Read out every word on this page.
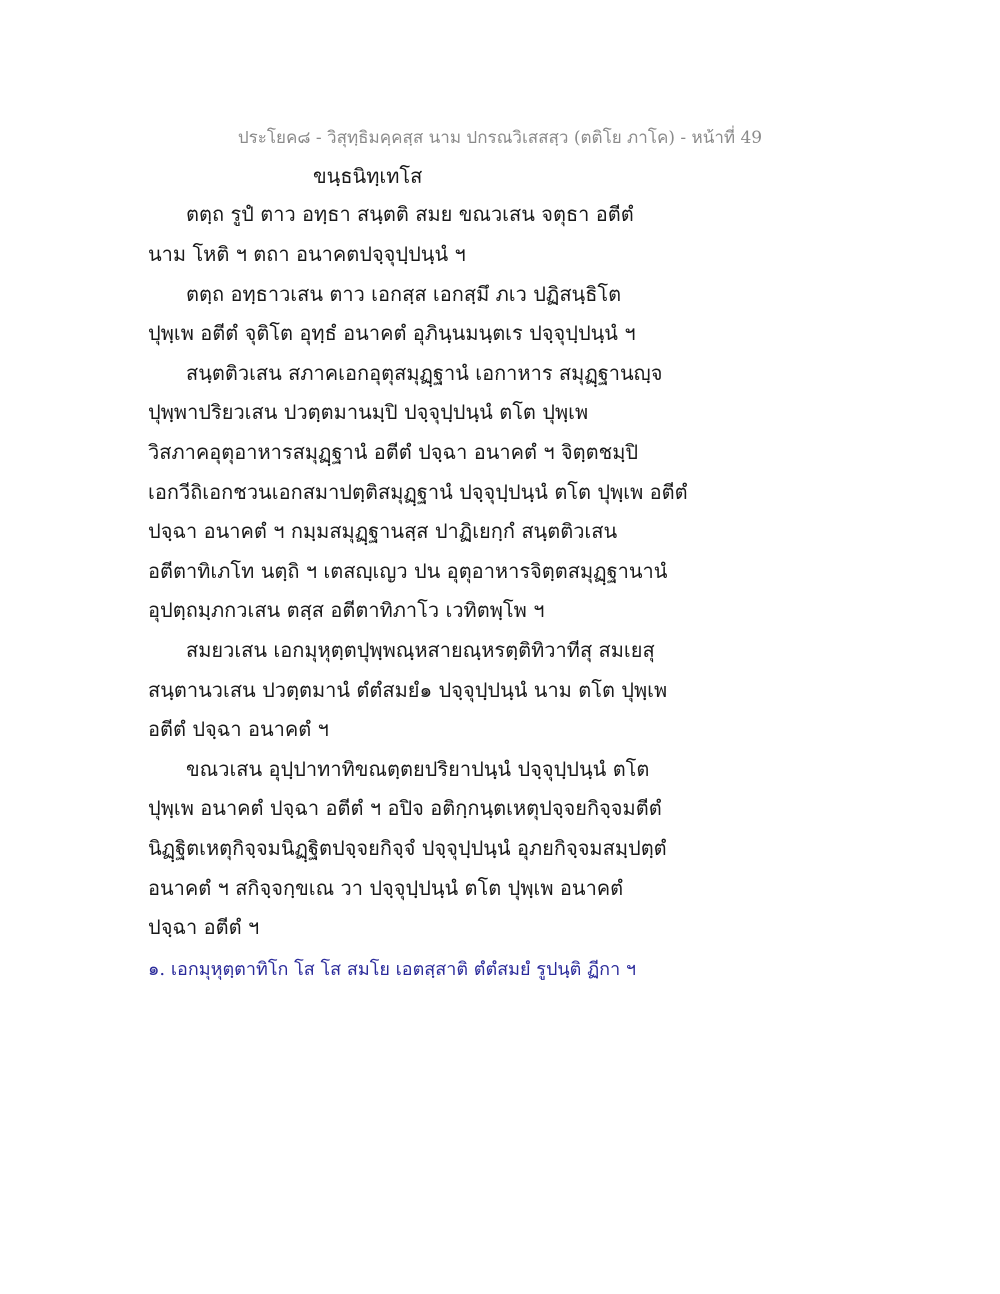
ประโยค๘ - วิสุทฺธิมคฺคสฺส นาม ปกรณวิเสสสฺว (ตติโย ภาโค) - หน้าที่ 49
ขนฺธนิทฺเทโส
ตตฺถ รูปํ ตาว อทฺธา สนฺตติ สมย ขณวเสน จตุธา อตีตํ
นาม โหติ ฯ ตถา อนาคตปจฺจุปฺปนฺนํ ฯ
ตตฺถ อทฺธาวเสน ตาว เอกสฺส เอกสฺมึ ภเว ปฏิสนฺธิโต
ปุพฺเพ อตีตํ จุติโต อุทฺธํ อนาคตํ อุภินฺนมนฺตเร ปจฺจุปฺปนฺนํ ฯ
สนฺตติวเสน สภาคเอกอุตุสมุฏฺฐานํ เอกาหาร สมุฏฺฐานญฺจ
ปุพฺพาปริยวเสน ปวตฺตมานมฺปิ ปจฺจุปฺปนฺนํ ตโต ปุพฺเพ
วิสภาคอุตุอาหารสมุฏฺฐานํ อตีตํ ปจฺฉา อนาคตํ ฯ จิตฺตชมฺปิ
เอกวีถิเอกชวนเอกสมาปตฺติสมุฏฺฐานํ ปจฺจุปฺปนฺนํ ตโต ปุพฺเพ อตีตํ
ปจฺฉา อนาคตํ ฯ กมฺมสมุฏฺฐานสฺส ปาฏิเยกฺกํ สนฺตติวเสน
อตีตาทิเภโท นตฺถิ ฯ เตสญฺเญว ปน อุตุอาหารจิตฺตสมุฏฺฐานานํ
อุปตฺถมฺภกวเสน ตสฺส อตีตาทิภาโว เวทิตพฺโพ ฯ
สมยวเสน เอกมุหุตฺตปุพฺพณฺหสายณฺหรตฺติทิวาทีสุ สมเยสุ
สนฺตานวเสน ปวตฺตมานํ ตํตํสมยํ๑ ปจฺจุปฺปนฺนํ นาม ตโต ปุพฺเพ
อตีตํ ปจฺฉา อนาคตํ ฯ
ขณวเสน อุปฺปาทาทิขณตฺตยปริยาปนฺนํ ปจฺจุปฺปนฺนํ ตโต
ปุพฺเพ อนาคตํ ปจฺฉา อตีตํ ฯ อปิจ อติกฺกนฺตเหตุปจฺจยกิจฺจมตีตํ
นิฏฺฐิตเหตุกิจฺจมนิฏฺฐิตปจฺจยกิจฺจํ ปจฺจุปฺปนฺนํ อุภยกิจฺจมสมฺปตฺตํ
อนาคตํ ฯ สกิจฺจกฺขเณ วา ปจฺจุปฺปนฺนํ ตโต ปุพฺเพ อนาคตํ
ปจฺฉา อตีตํ ฯ
๑. เอกมุหุตฺตาทิโก โส โส สมโย เอตสฺสาติ ตํตํสมยํ รูปนฺติ ฏีกา ฯ
